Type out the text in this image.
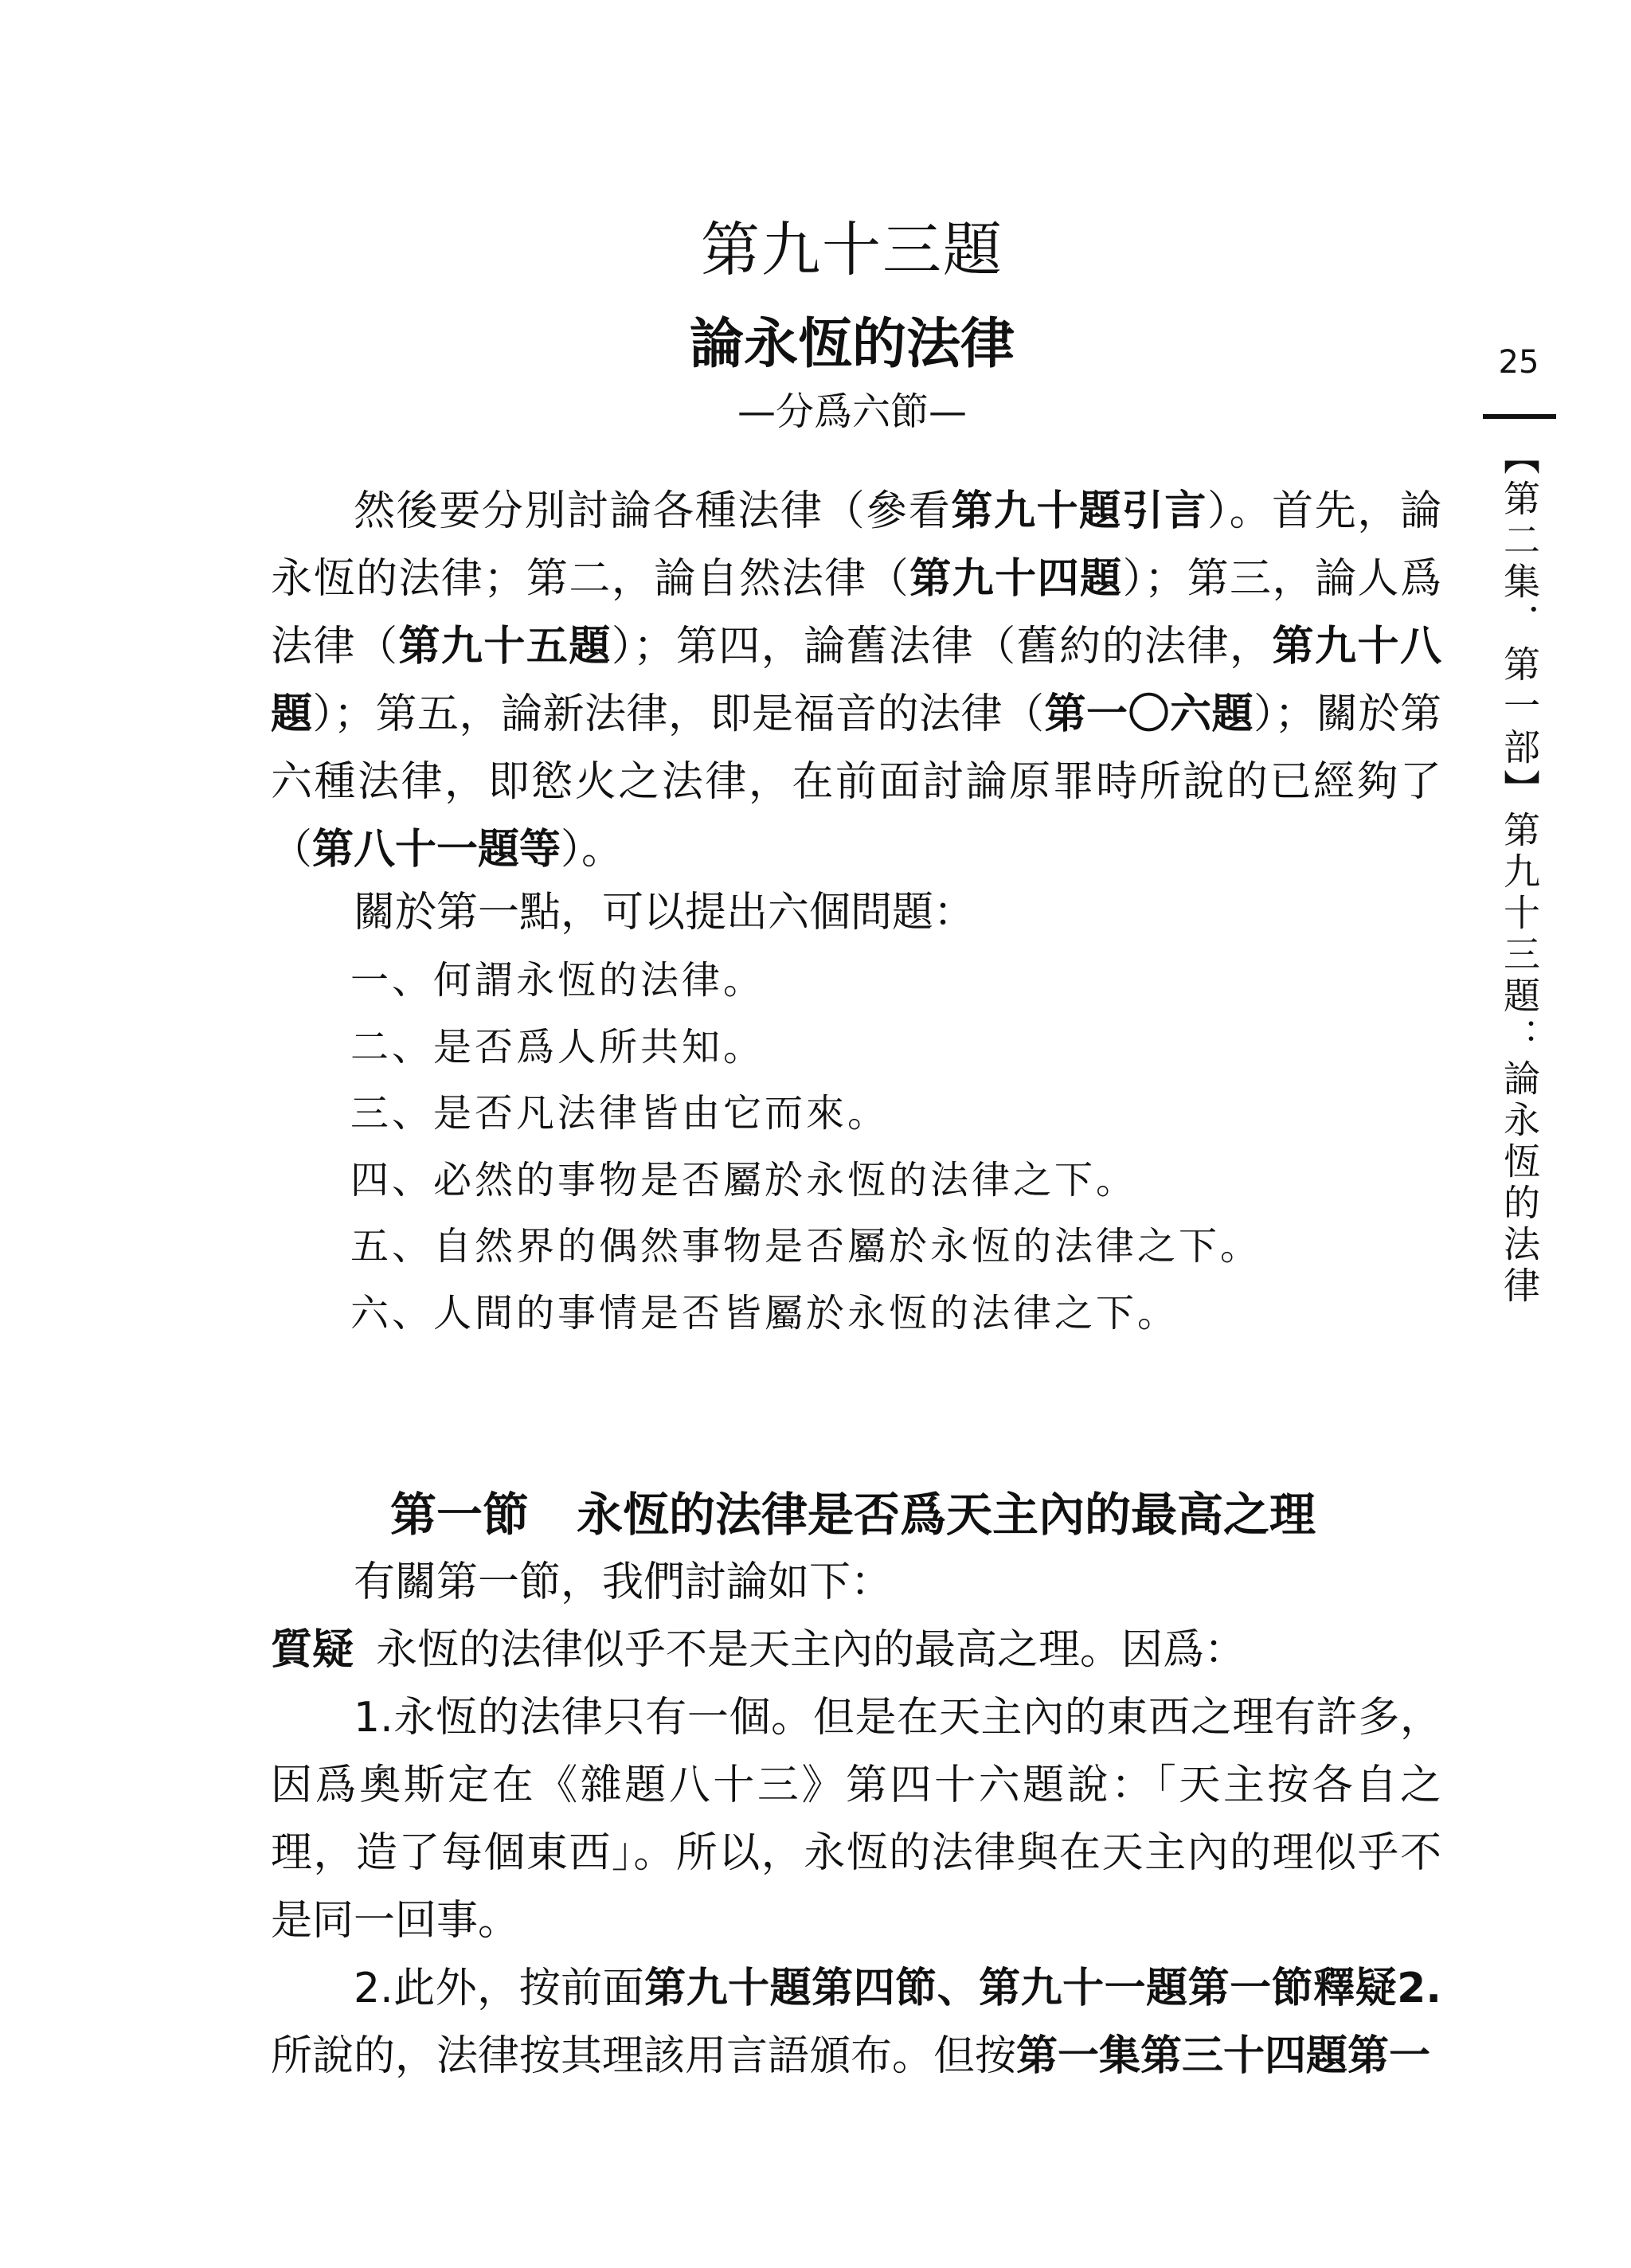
第九十三題
論永恆的法律
—分爲六節—

然後要分別討論各種法律（參看第九十題引言）。首先，論永恆的法律；第二，論自然法律（第九十四題）；第三，論人爲法律（第九十五題）；第四，論舊法律（舊約的法律，第九十八題）；第五，論新法律，即是福音的法律（第一〇六題）；關於第六種法律，即慾火之法律，在前面討論原罪時所說的已經夠了（第八十一題等）。

關於第一點，可以提出六個問題：

一、何謂永恆的法律。
二、是否爲人所共知。
三、是否凡法律皆由它而來。
四、必然的事物是否屬於永恆的法律之下。
五、自然界的偶然事物是否屬於永恆的法律之下。
六、人間的事情是否皆屬於永恆的法律之下。
第一節 永恆的法律是否爲天主內的最高之理

有關第一節，我們討論如下：

質疑 永恆的法律似乎不是天主內的最高之理。因爲：

1.永恆的法律只有一個。但是在天主內的東西之理有許多，因爲奧斯定在《雜題八十三》第四十六題說：「天主按各自之理，造了每個東西」。所以，永恆的法律與在天主內的理似乎不是同一回事。

2.此外，按前面第九十題第四節、第九十一題第一節釋疑2.所說的，法律按其理該用言語頒布。但按第一集第三十四題第一

25
【第二集．第一部】第九十三題：論永恆的法律
